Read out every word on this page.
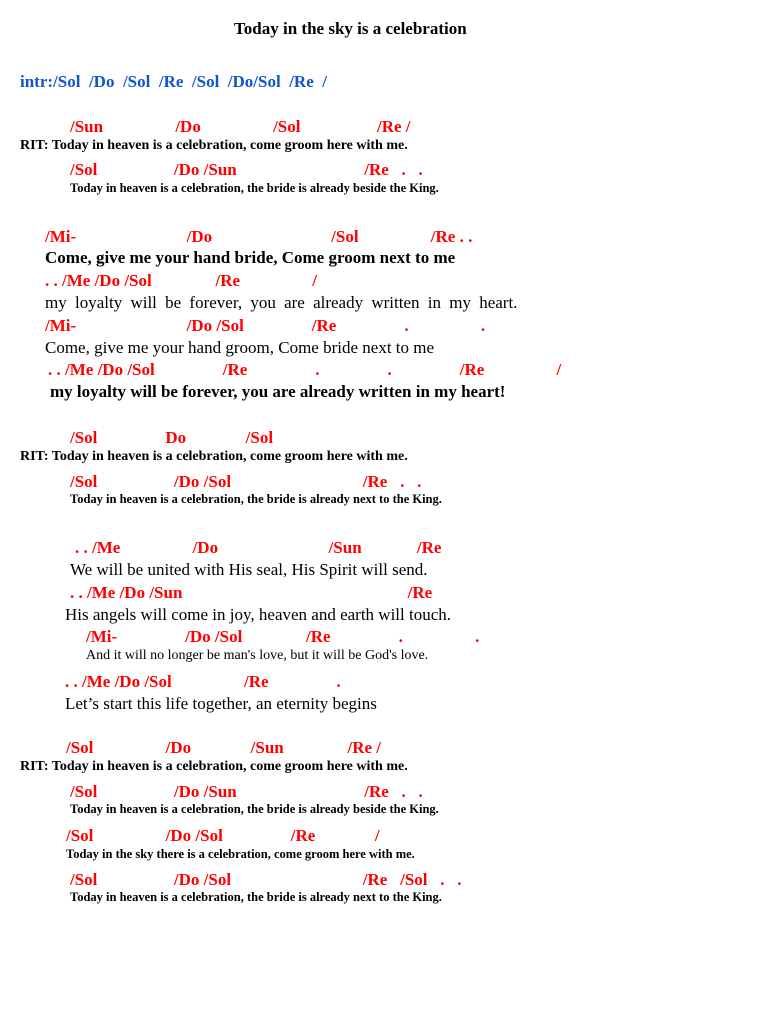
Today in the sky is a celebration
intr:/Sol  /Do  /Sol  /Re  /Sol  /Do/Sol  /Re  /
/Sun                 /Do                 /Sol                  /Re /
RIT: Today in heaven is a celebration, come groom here with me.
/Sol                  /Do /Sun                              /Re   .   .
Today in heaven is a celebration, the bride is already beside the King.
/Mi-                          /Do                            /Sol                 /Re . .
Come, give me your hand bride, Come groom next to me
. . /Me /Do /Sol               /Re                 /
my loyalty will be forever, you are already written in my heart.
/Mi-                          /Do /Sol                /Re                .                 .
Come, give me your hand groom, Come bride next to me
. . /Me /Do /Sol                /Re                .                .                /Re                 /
my loyalty will be forever, you are already written in my heart!
/Sol                Do              /Sol
RIT: Today in heaven is a celebration, come groom here with me.
/Sol                  /Do /Sol                               /Re   .   .
Today in heaven is a celebration, the bride is already next to the King.
. . /Me                 /Do                          /Sun             /Re
We will be united with His seal, His Spirit will send.
. . /Me /Do /Sun                                                     /Re
His angels will come in joy, heaven and earth will touch.
/Mi-                /Do /Sol               /Re                .                 .
And it will no longer be man's love, but it will be God's love.
. . /Me /Do /Sol                 /Re                .
Let’s start this life together, an eternity begins
/Sol                 /Do              /Sun               /Re /
RIT: Today in heaven is a celebration, come groom here with me.
/Sol                  /Do /Sun                              /Re   .   .
Today in heaven is a celebration, the bride is already beside the King.
/Sol                 /Do /Sol                /Re              /
Today in the sky there is a celebration, come groom here with me.
/Sol                  /Do /Sol                               /Re   /Sol   .   .
Today in heaven is a celebration, the bride is already next to the King.
